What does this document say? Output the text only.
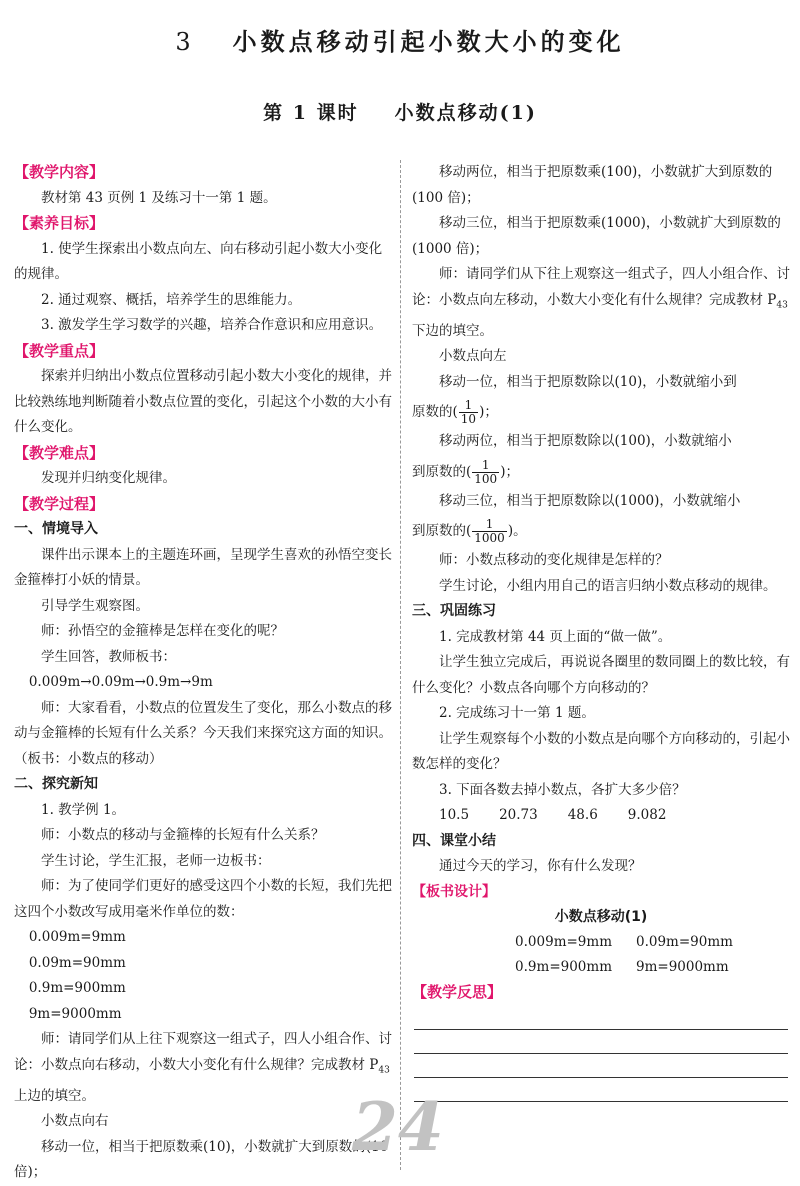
3 小数点移动引起小数大小的变化
第 1 课时 小数点移动(1)
【教学内容】

教材第 43 页例 1 及练习十一第 1 题。

【素养目标】

1. 使学生探索出小数点向左、向右移动引起小数大小变化的规律。

2. 通过观察、概括，培养学生的思维能力。

3. 激发学生学习数学的兴趣，培养合作意识和应用意识。

【教学重点】

探索并归纳出小数点位置移动引起小数大小变化的规律，并比较熟练地判断随着小数点位置的变化，引起这个小数的大小有什么变化。

【教学难点】

发现并归纳变化规律。

【教学过程】
一、情境导入

课件出示课本上的主题连环画，呈现学生喜欢的孙悟空变长金箍棒打小妖的情景。

引导学生观察图。

师：孙悟空的金箍棒是怎样在变化的呢？

学生回答，教师板书：

0.009m→0.09m→0.9m→9m

师：大家看看，小数点的位置发生了变化，那么小数点的移动与金箍棒的长短有什么关系？今天我们来探究这方面的知识。（板书：小数点的移动）

二、探究新知

1. 教学例 1。

师：小数点的移动与金箍棒的长短有什么关系？

学生讨论，学生汇报，老师一边板书：

师：为了使同学们更好的感受这四个小数的长短，我们先把这四个小数改写成用毫米作单位的数：

0.009m=9mm

0.09m=90mm

0.9m=900mm

9m=9000mm

师：请同学们从上往下观察这一组式子，四人小组合作、讨论：小数点向右移动，小数大小变化有什么规律？完成教材 $P_{43}$上边的填空。

小数点向右

移动一位，相当于把原数乘(10)，小数就扩大到原数的(10 倍)；

移动两位，相当于把原数乘(100)，小数就扩大到原数的(100 倍)；

移动三位，相当于把原数乘(1000)，小数就扩大到原数的(1000 倍)；

师：请同学们从下往上观察这一组式子，四人小组合作、讨论：小数点向左移动，小数大小变化有什么规律？完成教材 $P_{43}$下边的填空。

小数点向左

移动一位，相当于把原数除以(10)，小数就缩小到

原数的( $\frac{1}{10}$ )；

移动两位，相当于把原数除以(100)，小数就缩小

到原数的( $\frac{1}{100}$ )；

移动三位，相当于把原数除以(1000)，小数就缩小

到原数的( $\frac{1}{1000}$ )。

师：小数点移动的变化规律是怎样的？

学生讨论，小组内用自己的语言归纳小数点移动的规律。

三、巩固练习

1. 完成教材第 44 页上面的“做一做”。

让学生独立完成后，再说说各圈里的数同圈上的数比较，有什么变化？小数点各向哪个方向移动的？

2. 完成练习十一第 1 题。

让学生观察每个小数的小数点是向哪个方向移动的，引起小数怎样的变化？

3. 下面各数去掉小数点，各扩大多少倍？

10.5 20.73 48.6 9.082

四、课堂小结

通过今天的学习，你有什么发现？

【板书设计】
小数点移动(1)
0.009m=9mm 0.09m=90mm
0.9m=900mm 9m=9000mm
【教学反思】
24
